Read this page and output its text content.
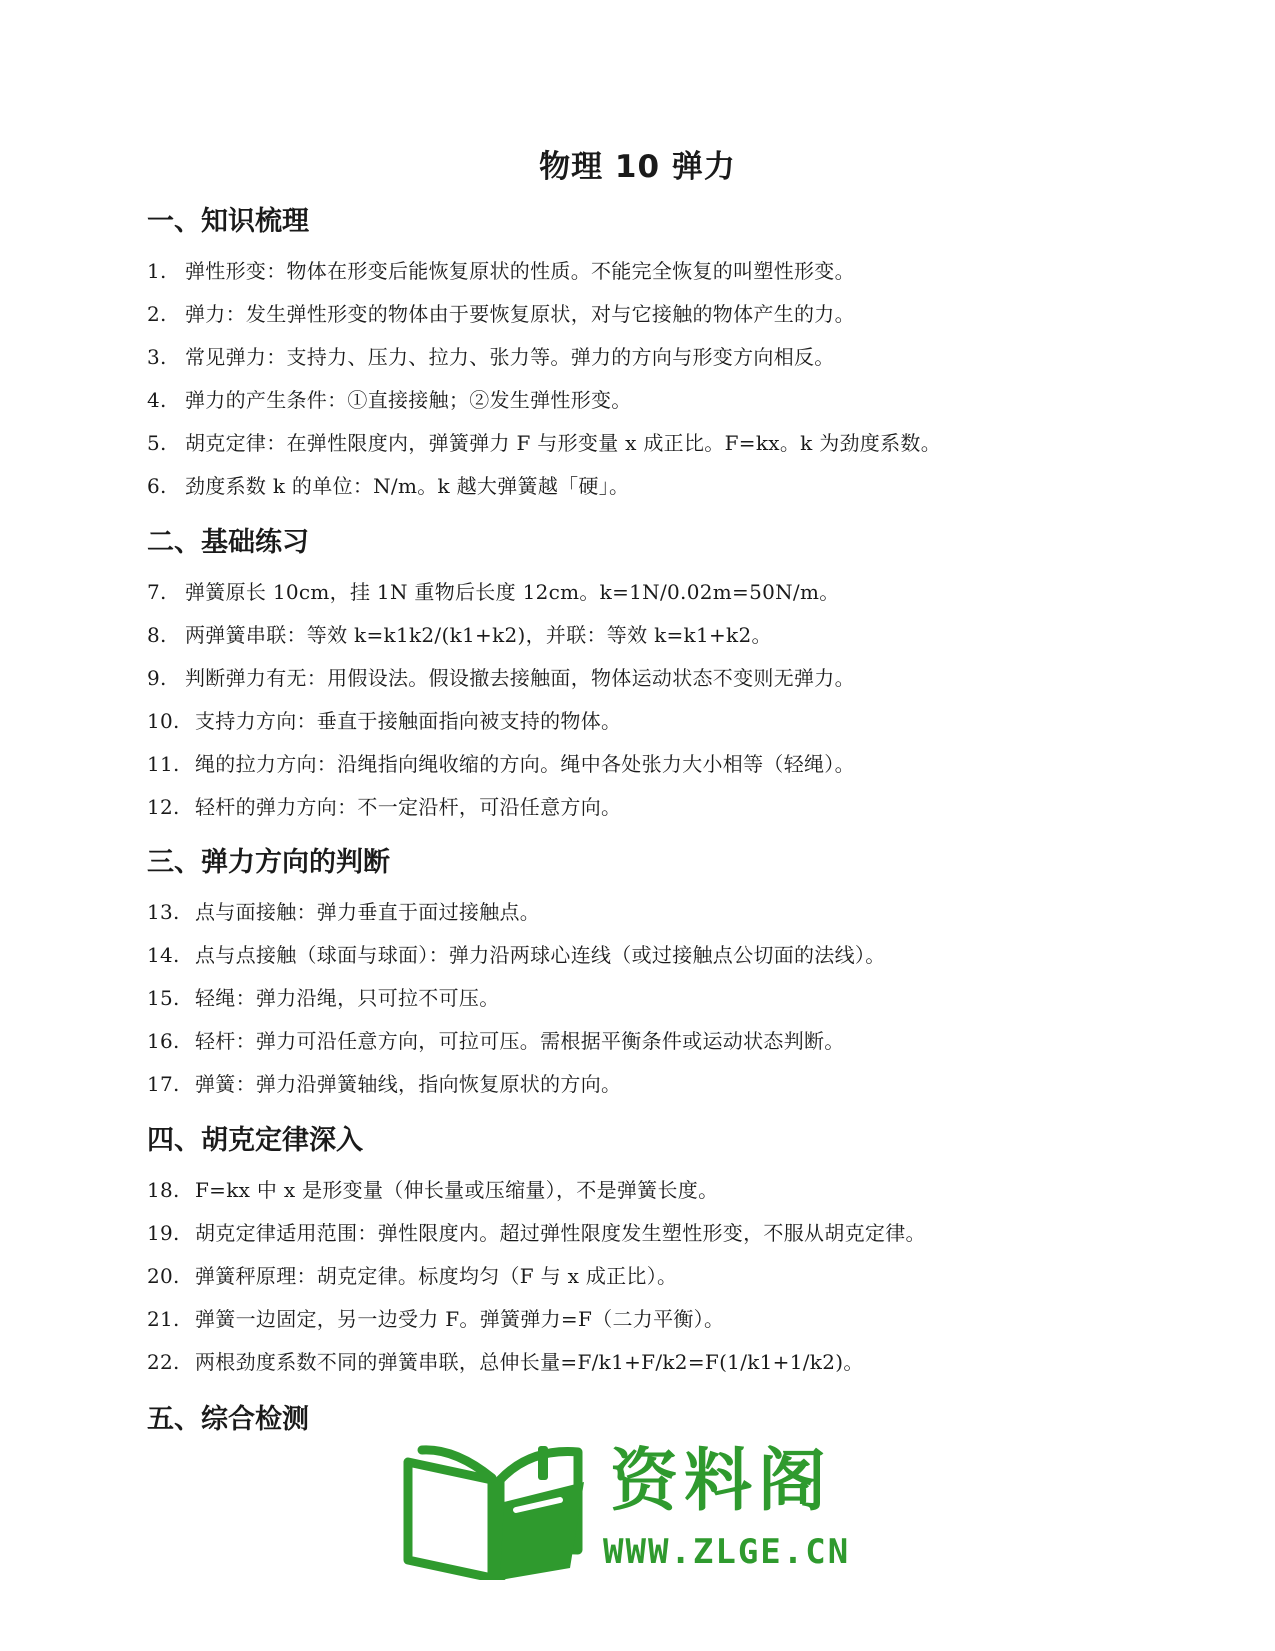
物理 10 弹力
一、知识梳理
1. 弹性形变：物体在形变后能恢复原状的性质。不能完全恢复的叫塑性形变。
2. 弹力：发生弹性形变的物体由于要恢复原状，对与它接触的物体产生的力。
3. 常见弹力：支持力、压力、拉力、张力等。弹力的方向与形变方向相反。
4. 弹力的产生条件：①直接接触；②发生弹性形变。
5. 胡克定律：在弹性限度内，弹簧弹力 F 与形变量 x 成正比。F=kx。k 为劲度系数。
6. 劲度系数 k 的单位：N/m。k 越大弹簧越「硬」。
二、基础练习
7. 弹簧原长 10cm，挂 1N 重物后长度 12cm。k=1N/0.02m=50N/m。
8. 两弹簧串联：等效 k=k1k2/(k1+k2)，并联：等效 k=k1+k2。
9. 判断弹力有无：用假设法。假设撤去接触面，物体运动状态不变则无弹力。
10. 支持力方向：垂直于接触面指向被支持的物体。
11. 绳的拉力方向：沿绳指向绳收缩的方向。绳中各处张力大小相等（轻绳）。
12. 轻杆的弹力方向：不一定沿杆，可沿任意方向。
三、弹力方向的判断
13. 点与面接触：弹力垂直于面过接触点。
14. 点与点接触（球面与球面）：弹力沿两球心连线（或过接触点公切面的法线）。
15. 轻绳：弹力沿绳，只可拉不可压。
16. 轻杆：弹力可沿任意方向，可拉可压。需根据平衡条件或运动状态判断。
17. 弹簧：弹力沿弹簧轴线，指向恢复原状的方向。
四、胡克定律深入
18. F=kx 中 x 是形变量（伸长量或压缩量），不是弹簧长度。
19. 胡克定律适用范围：弹性限度内。超过弹性限度发生塑性形变，不服从胡克定律。
20. 弹簧秤原理：胡克定律。标度均匀（F 与 x 成正比）。
21. 弹簧一边固定，另一边受力 F。弹簧弹力=F（二力平衡）。
22. 两根劲度系数不同的弹簧串联，总伸长量=F/k1+F/k2=F(1/k1+1/k2)。
五、综合检测
资料阁
WWW.ZLGE.CN
